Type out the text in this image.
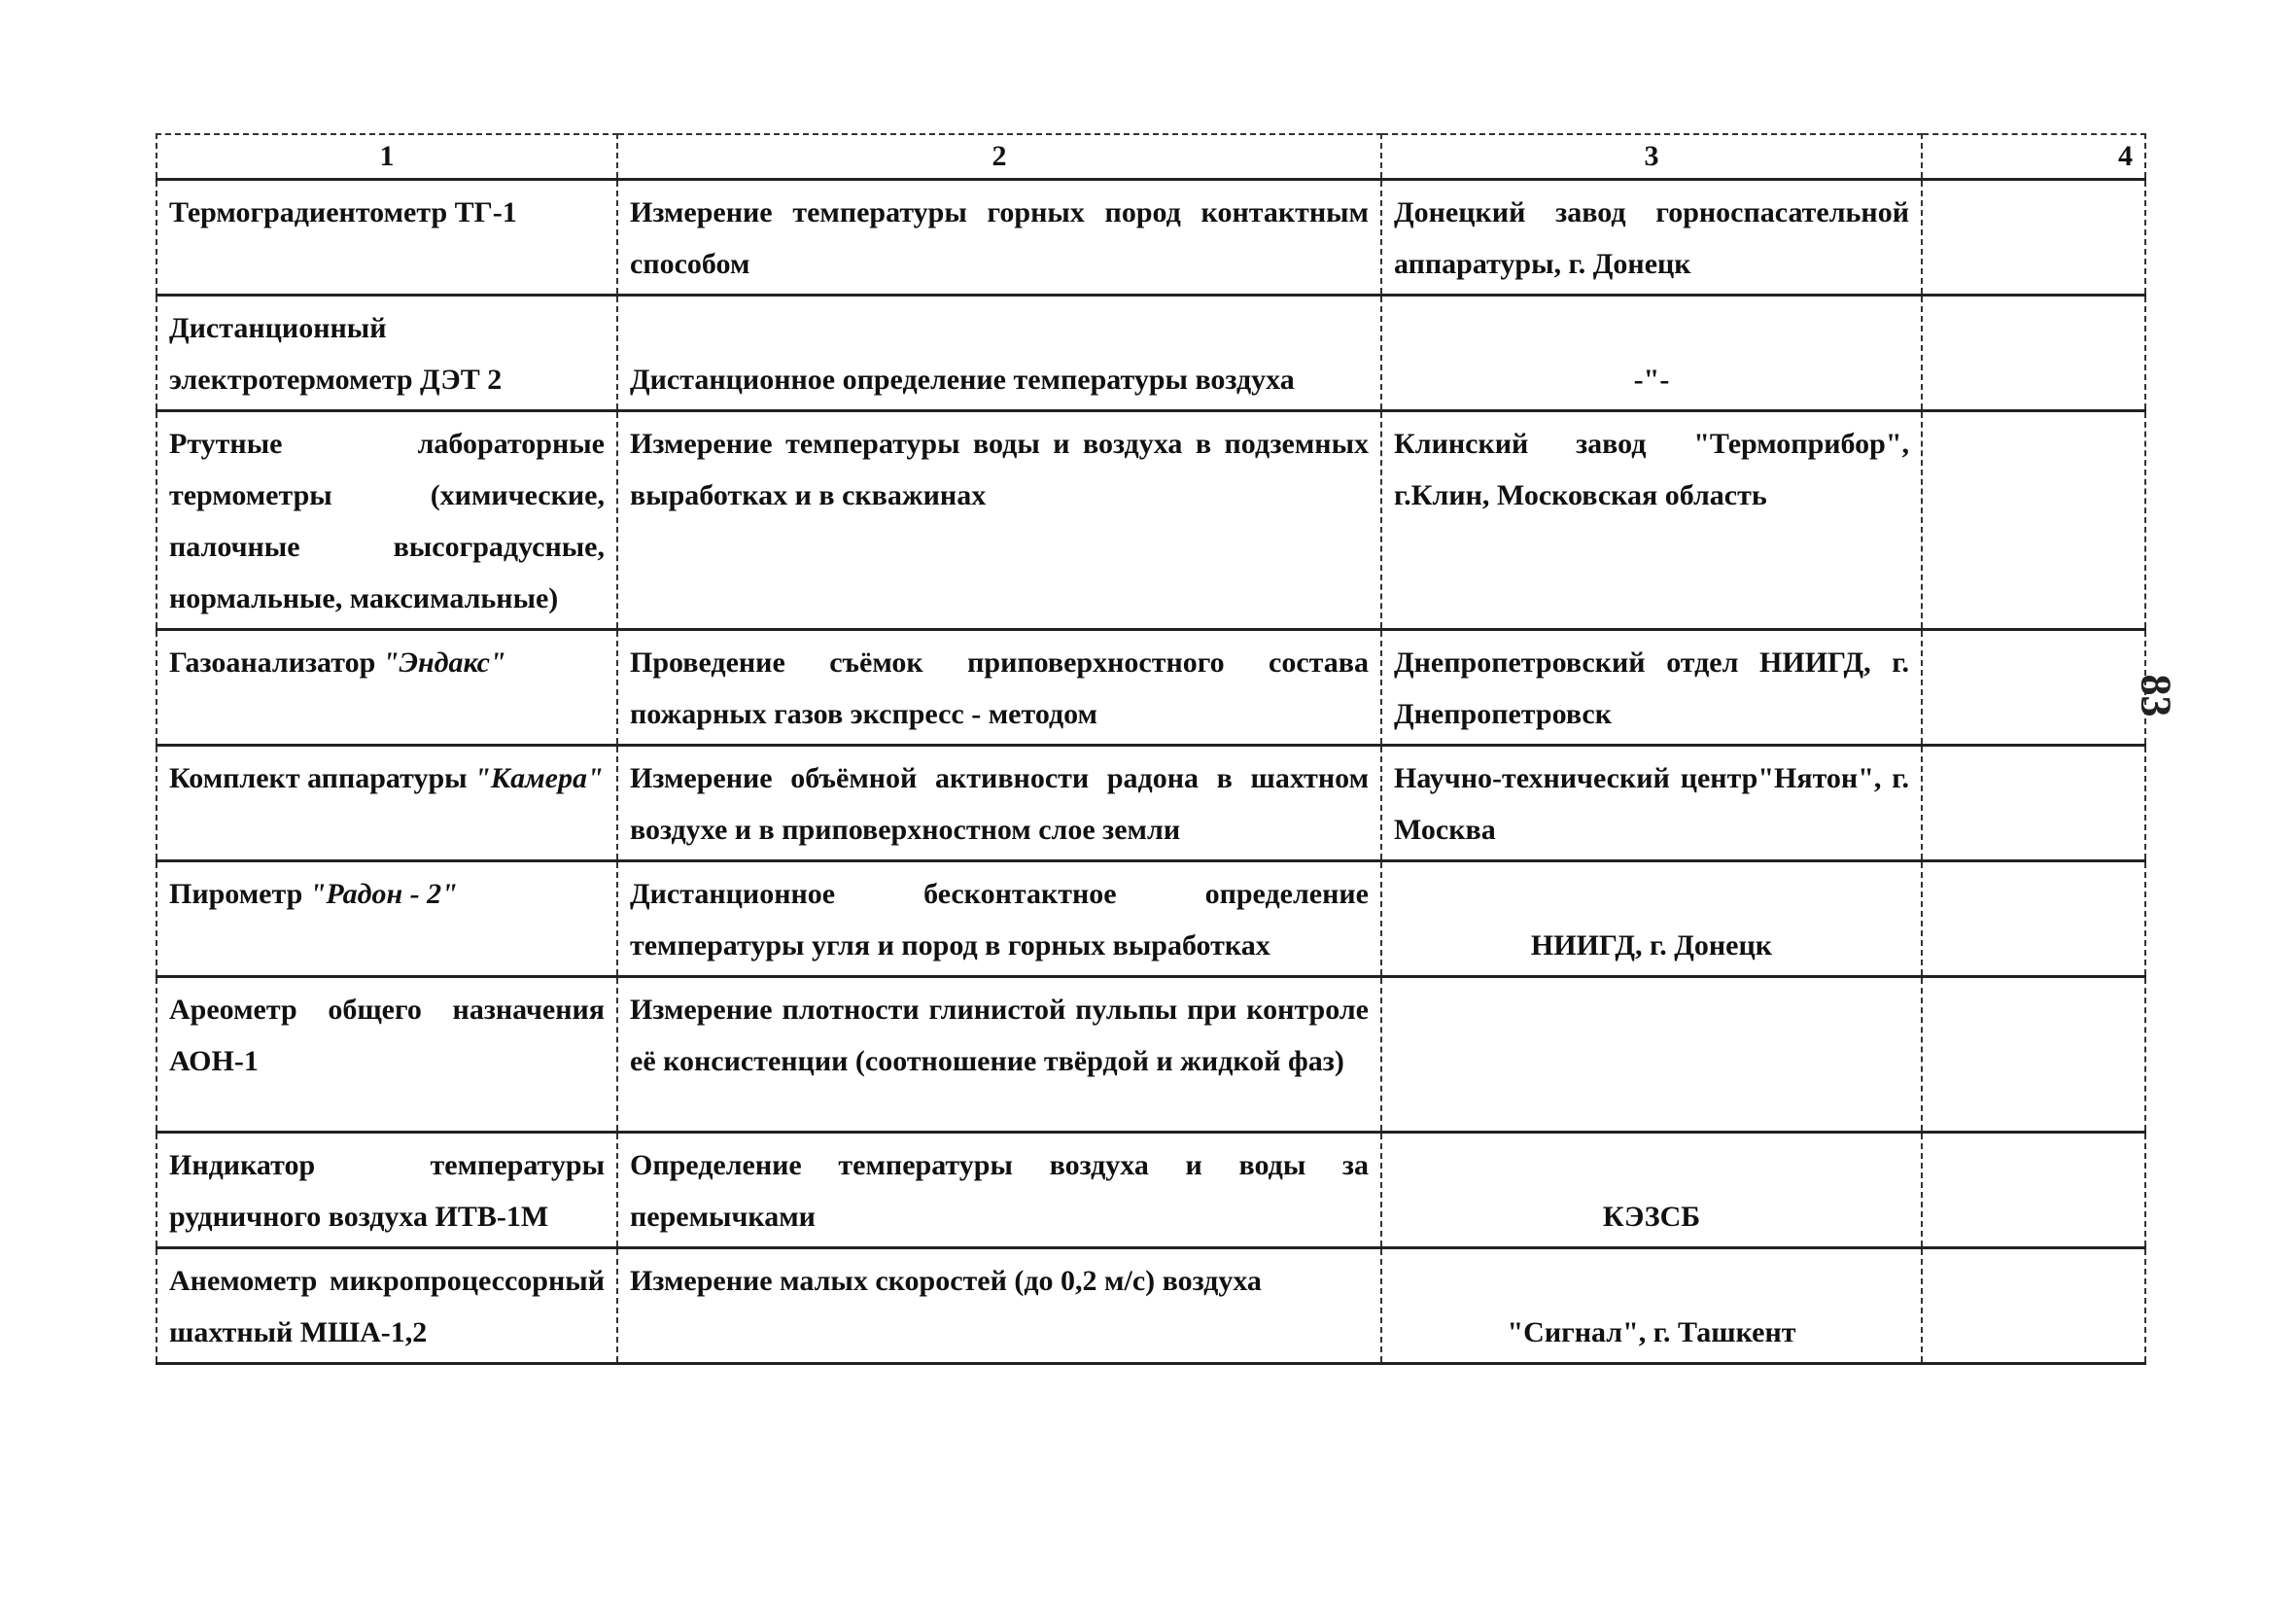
1	2	3	4
Термоградиентометр ТГ-1	Измерение температуры горных пород контактным способом	Донецкий завод горноспасательной аппаратуры, г. Донецк	
Дистанционный электротермометр ДЭТ 2	Дистанционное определение температуры воздуха	-"-	
Ртутные лабораторные термометры (химические, палочные высоградусные, нормальные, максимальные)	Измерение температуры воды и воздуха в подземных выработках и в скважинах	Клинский завод "Термоприбор", г.Клин, Московская область	
Газоанализатор "Эндакс"	Проведение съёмок приповерхностного состава пожарных газов экспресс - методом	Днепропетровский отдел НИИГД, г. Днепропетровск	
Комплект аппаратуры "Камера"	Измерение объёмной активности радона в шахтном воздухе и в приповерхностном слое земли	Научно-технический центр"Нятон", г. Москва	
Пирометр "Радон - 2"	Дистанционное бесконтактное определение температуры угля и пород в горных выработках	НИИГД, г. Донецк	
Ареометр общего назначения АОН-1	Измерение плотности глинистой пульпы при контроле её консистенции (соотношение твёрдой и жидкой фаз)		
Индикатор температуры рудничного воздуха ИТВ-1М	Определение температуры воздуха и воды за перемычками	КЭЗСБ	
Анемометр микропроцессорный шахтный МША-1,2	Измерение малых скоростей (до 0,2 м/с) воздуха	"Сигнал", г. Ташкент	
83
